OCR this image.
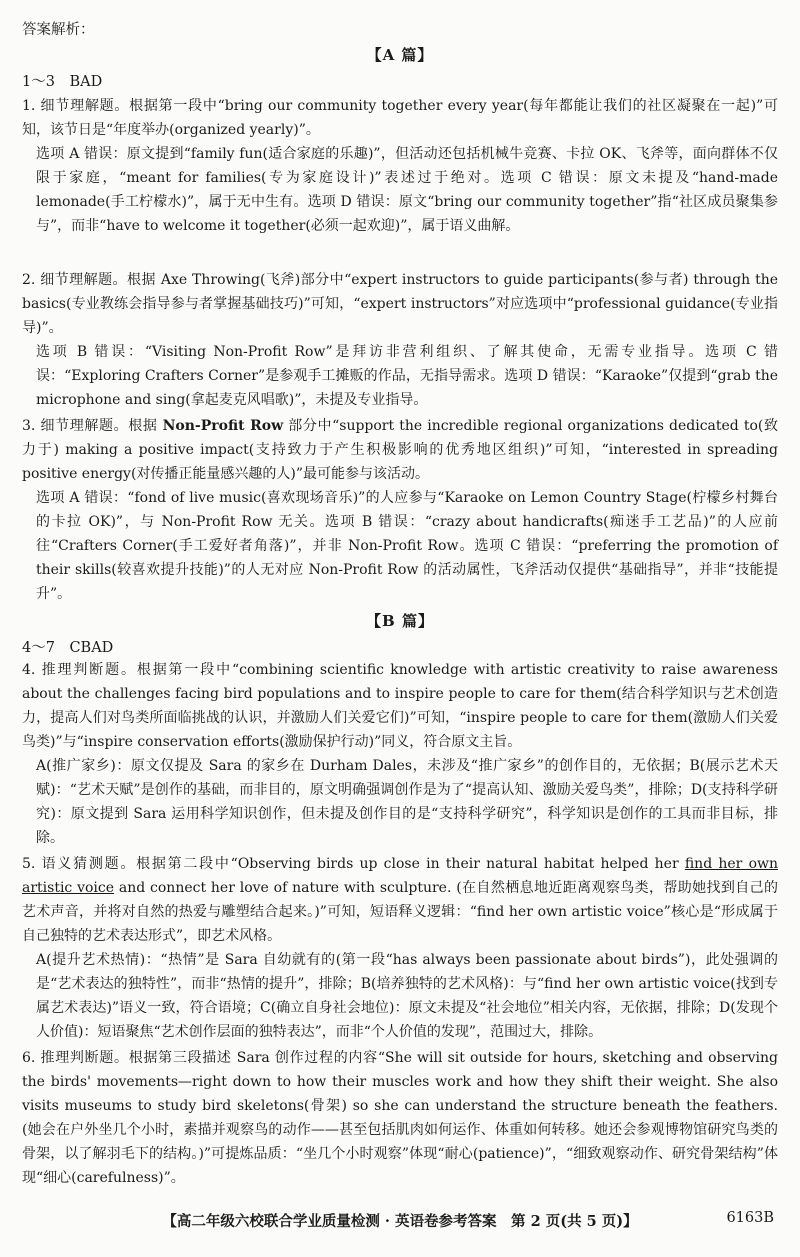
答案解析：
【A 篇】
1～3　BAD

1. 细节理解题。根据第一段中“bring our community together every year(每年都能让我们的社区凝聚在一起)”可知，该节日是“年度举办(organized yearly)”。

选项 A 错误：原文提到“family fun(适合家庭的乐趣)”，但活动还包括机械牛竞赛、卡拉 OK、飞斧等，面向群体不仅限于家庭，“meant for families(专为家庭设计)”表述过于绝对。选项 C 错误：原文未提及“hand-made lemonade(手工柠檬水)”，属于无中生有。选项 D 错误：原文“bring our community together”指“社区成员聚集参与”，而非“have to welcome it together(必须一起欢迎)”，属于语义曲解。

2. 细节理解题。根据 Axe Throwing(飞斧)部分中“expert instructors to guide participants(参与者) through the basics(专业教练会指导参与者掌握基础技巧)”可知，“expert instructors”对应选项中“professional guidance(专业指导)”。

选项 B 错误：“Visiting Non-Profit Row”是拜访非营利组织、了解其使命，无需专业指导。选项 C 错误：“Exploring Crafters Corner”是参观手工摊贩的作品，无指导需求。选项 D 错误：“Karaoke”仅提到“grab the microphone and sing(拿起麦克风唱歌)”，未提及专业指导。

3. 细节理解题。根据 Non-Profit Row 部分中“support the incredible regional organizations dedicated to(致力于) making a positive impact(支持致力于产生积极影响的优秀地区组织)”可知，“interested in spreading positive energy(对传播正能量感兴趣的人)”最可能参与该活动。

选项 A 错误：“fond of live music(喜欢现场音乐)”的人应参与“Karaoke on Lemon Country Stage(柠檬乡村舞台的卡拉 OK)”，与 Non-Profit Row 无关。选项 B 错误：“crazy about handicrafts(痴迷手工艺品)”的人应前往“Crafters Corner(手工爱好者角落)”，并非 Non-Profit Row。选项 C 错误：“preferring the promotion of their skills(较喜欢提升技能)”的人无对应 Non-Profit Row 的活动属性，飞斧活动仅提供“基础指导”，并非“技能提升”。

【B 篇】
4～7　CBAD

4. 推理判断题。根据第一段中“combining scientific knowledge with artistic creativity to raise awareness about the challenges facing bird populations and to inspire people to care for them(结合科学知识与艺术创造力，提高人们对鸟类所面临挑战的认识，并激励人们关爱它们)”可知，“inspire people to care for them(激励人们关爱鸟类)”与“inspire conservation efforts(激励保护行动)”同义，符合原文主旨。

A(推广家乡)：原文仅提及 Sara 的家乡在 Durham Dales，未涉及“推广家乡”的创作目的，无依据；B(展示艺术天赋)：“艺术天赋”是创作的基础，而非目的，原文明确强调创作是为了“提高认知、激励关爱鸟类”，排除；D(支持科学研究)：原文提到 Sara 运用科学知识创作，但未提及创作目的是“支持科学研究”，科学知识是创作的工具而非目标，排除。

5. 语义猜测题。根据第二段中“Observing birds up close in their natural habitat helped her find her own artistic voice and connect her love of nature with sculpture. (在自然栖息地近距离观察鸟类，帮助她找到自己的艺术声音，并将对自然的热爱与雕塑结合起来。)”可知，短语释义逻辑：“find her own artistic voice”核心是“形成属于自己独特的艺术表达形式”，即艺术风格。

A(提升艺术热情)：“热情”是 Sara 自幼就有的(第一段“has always been passionate about birds”)，此处强调的是“艺术表达的独特性”，而非“热情的提升”，排除；B(培养独特的艺术风格)：与“find her own artistic voice(找到专属艺术表达)”语义一致，符合语境；C(确立自身社会地位)：原文未提及“社会地位”相关内容，无依据，排除；D(发现个人价值)：短语聚焦“艺术创作层面的独特表达”，而非“个人价值的发现”，范围过大，排除。

6. 推理判断题。根据第三段描述 Sara 创作过程的内容“She will sit outside for hours, sketching and observing the birds' movements—right down to how their muscles work and how they shift their weight. She also visits museums to study bird skeletons(骨架) so she can understand the structure beneath the feathers. (她会在户外坐几个小时，素描并观察鸟的动作——甚至包括肌肉如何运作、体重如何转移。她还会参观博物馆研究鸟类的骨架，以了解羽毛下的结构。)”可提炼品质：“坐几个小时观察”体现“耐心(patience)”，“细致观察动作、研究骨架结构”体现“细心(carefulness)”。

【高二年级六校联合学业质量检测 · 英语卷参考答案　第 2 页(共 5 页)】	6163B
